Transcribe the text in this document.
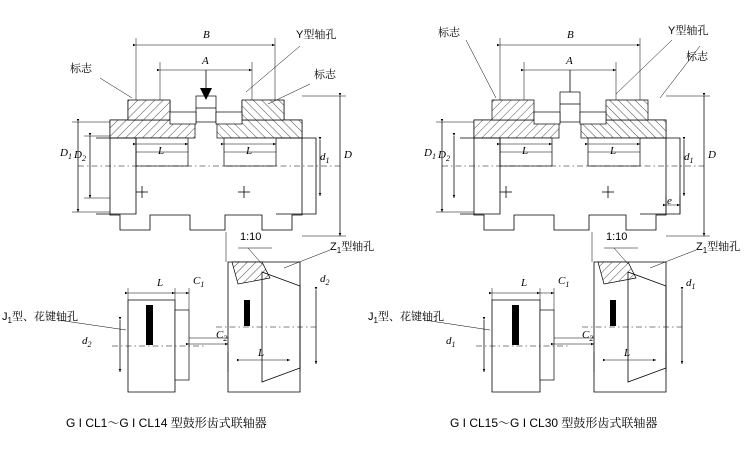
标志	标志
Y型轴孔
B
A
$D_1$ $D_2$	D
$d_1$
L	L
1:10
$Z_1$型轴孔
$J_1$型、花键轴孔
L	$C_1$
$C_2$
$d_2$
$d_2$
L
G I CL1～G I CL14 型鼓形齿式联轴器
标志
标志
Y型轴孔
B
A
$D_1$ $D_2$	D
$d_1$
L	L
e
1:10
$Z_1$型轴孔
$J_1$型、花键轴孔
L	$C_1$
$C_2$
$d_1$
$d_1$
L
G I CL15～G I CL30 型鼓形齿式联轴器
